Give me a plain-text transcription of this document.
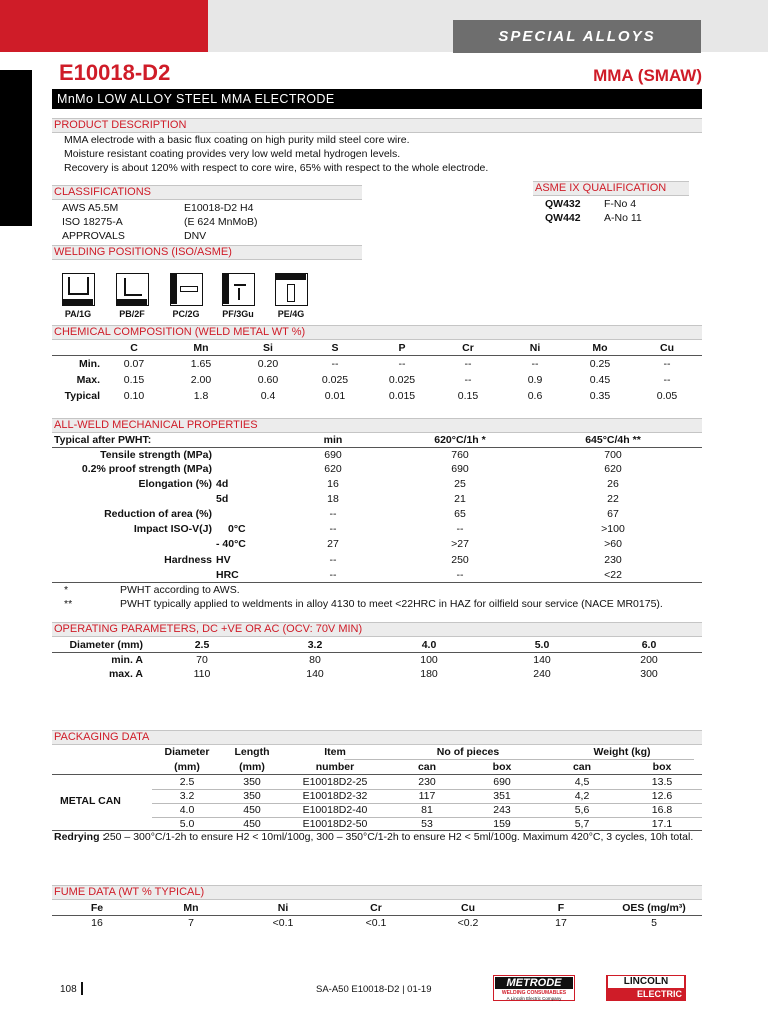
SPECIAL ALLOYS
E10018-D2	MMA (SMAW)
MnMo LOW ALLOY STEEL MMA ELECTRODE
PRODUCT DESCRIPTION
MMA electrode with a basic flux coating on high purity mild steel core wire.
Moisture resistant coating provides very low weld metal hydrogen levels.
Recovery is about 120% with respect to core wire, 65% with respect to the whole electrode.
CLASSIFICATIONS
AWS A5.5M	E10018-D2 H4
ISO 18275-A	(E 624 MnMoB)
APPROVALS	DNV
ASME IX QUALIFICATION
QW432 F-No 4
QW442 A-No 11
WELDING POSITIONS (ISO/ASME)
PA/1G	PB/2F	PC/2G	PF/3Gu	PE/4G
CHEMICAL COMPOSITION (WELD METAL WT %)
C	Mn	Si	S	P	Cr	Ni	Mo	Cu
Min.	0.07	1.65	0.20	--	--	--	--	0.25	--
Max.	0.15	2.00	0.60	0.025	0.025	--	0.9	0.45	--
Typical	0.10	1.8	0.4	0.01	0.015	0.15	0.6	0.35	0.05
ALL-WELD MECHANICAL PROPERTIES
Typical after PWHT:	min	620°C/1h *	645°C/4h **
Tensile strength (MPa)	690	760	700
0.2% proof strength (MPa)	620	690	620
Elongation (%) 4d	16	25	26
5d	18	21	22
Reduction of area (%)	--	65	67
Impact ISO-V(J) 0°C	--	--	>100
- 40°C	27	>27	>60
Hardness HV	--	250	230
HRC	--	--	<22
*	PWHT according to AWS.
**	PWHT typically applied to weldments in alloy 4130 to meet <22HRC in HAZ for oilfield sour service (NACE MR0175).
OPERATING PARAMETERS, DC +VE OR AC (OCV: 70V MIN)
Diameter (mm)	2.5	3.2	4.0	5.0	6.0
min. A	70	80	100	140	200
max. A	110	140	180	240	300
PACKAGING DATA
Diameter	Length	Item	No of pieces	Weight (kg)
(mm)	(mm)	number	can	box	can	box
METAL CAN
2.5	350	E10018D2-25	230	690	4,5	13.5
3.2	350	E10018D2-32	117	351	4,2	12.6
4.0	450	E10018D2-40	81	243	5,6	16.8
5.0	450	E10018D2-50	53	159	5,7	17.1
Redrying :
250 – 300°C/1-2h to ensure H2 < 10ml/100g, 300 – 350°C/1-2h to ensure H2 < 5ml/100g. Maximum 420°C, 3 cycles, 10h total.
FUME DATA (WT % TYPICAL)
Fe	Mn	Ni	Cr	Cu	F	OES (mg/m³)
16	7	<0.1	<0.1	<0.2	17	5
108	SA-A50 E10018-D2 | 01-19
METRODE
WELDING CONSUMABLES
A Lincoln Electric Company
LINCOLN
ELECTRIC
